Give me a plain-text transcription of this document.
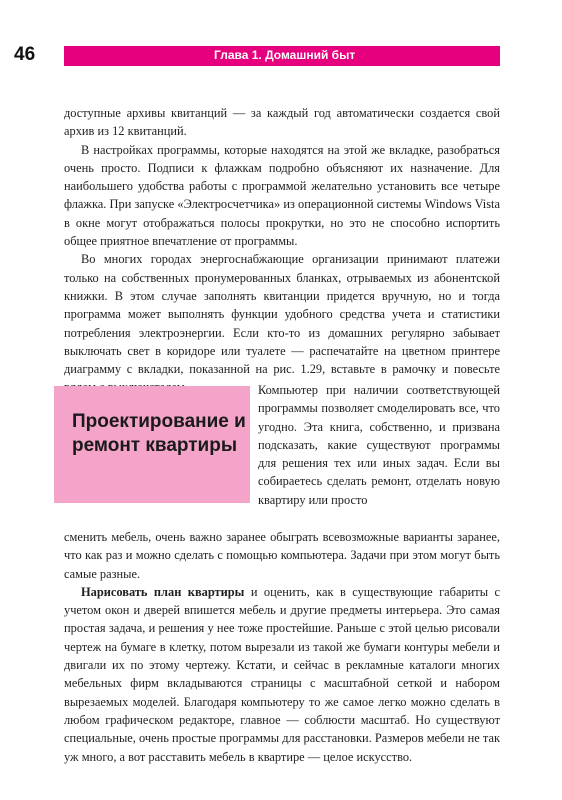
46	Глава 1. Домашний быт

доступные архивы квитанций — за каждый год автоматически создается свой архив из 12 квитанций.

В настройках программы, которые находятся на этой же вкладке, разобраться очень просто. Подписи к флажкам подробно объясняют их назначение. Для наибольшего удобства работы с программой желательно установить все четыре флажка. При запуске «Электросчетчика» из операционной системы Windows Vista в окне могут отображаться полосы прокрутки, но это не способно испортить общее приятное впечатление от программы.

Во многих городах энергоснабжающие организации принимают платежи только на собственных пронумерованных бланках, отрываемых из абонентской книжки. В этом случае заполнять квитанции придется вручную, но и тогда программа может выполнять функции удобного средства учета и статистики потребления электроэнергии. Если кто-то из домашних регулярно забывает выключать свет в коридоре или туалете — распечатайте на цветном принтере диаграмму с вкладки, показанной на рис. 1.29, вставьте в рамочку и повесьте

Проектирование и ремонт квартиры

Компьютер при наличии соответствующей программы позволяет смоделировать все, что угодно. Эта книга, собственно, и призвана подсказать, какие существуют программы для решения тех или иных задач. Если вы собираетесь сделать ремонт, отделать новую квартиру или просто

сменить мебель, очень важно заранее обыграть всевозможные варианты заранее, что как раз и можно сделать с помощью компьютера. Задачи при этом могут быть самые разные.

Нарисовать план квартиры и оценить, как в существующие габариты с учетом окон и дверей впишется мебель и другие предметы интерьера. Это самая простая задача, и решения у нее тоже простейшие. Раньше с этой целью рисовали чертеж на бумаге в клетку, потом вырезали из такой же бумаги контуры мебели и двигали их по этому чертежу. Кстати, и сейчас в рекламные каталоги многих мебельных фирм вкладываются страницы с масштабной сеткой и набором вырезаемых моделей. Благодаря компьютеру то же самое легко можно сделать в любом графическом редакторе, главное — соблюсти масштаб. Но существуют специальные, очень простые программы для расстановки. Размеров мебели не так уж много, а вот расставить мебель в квартире — целое искусство.
